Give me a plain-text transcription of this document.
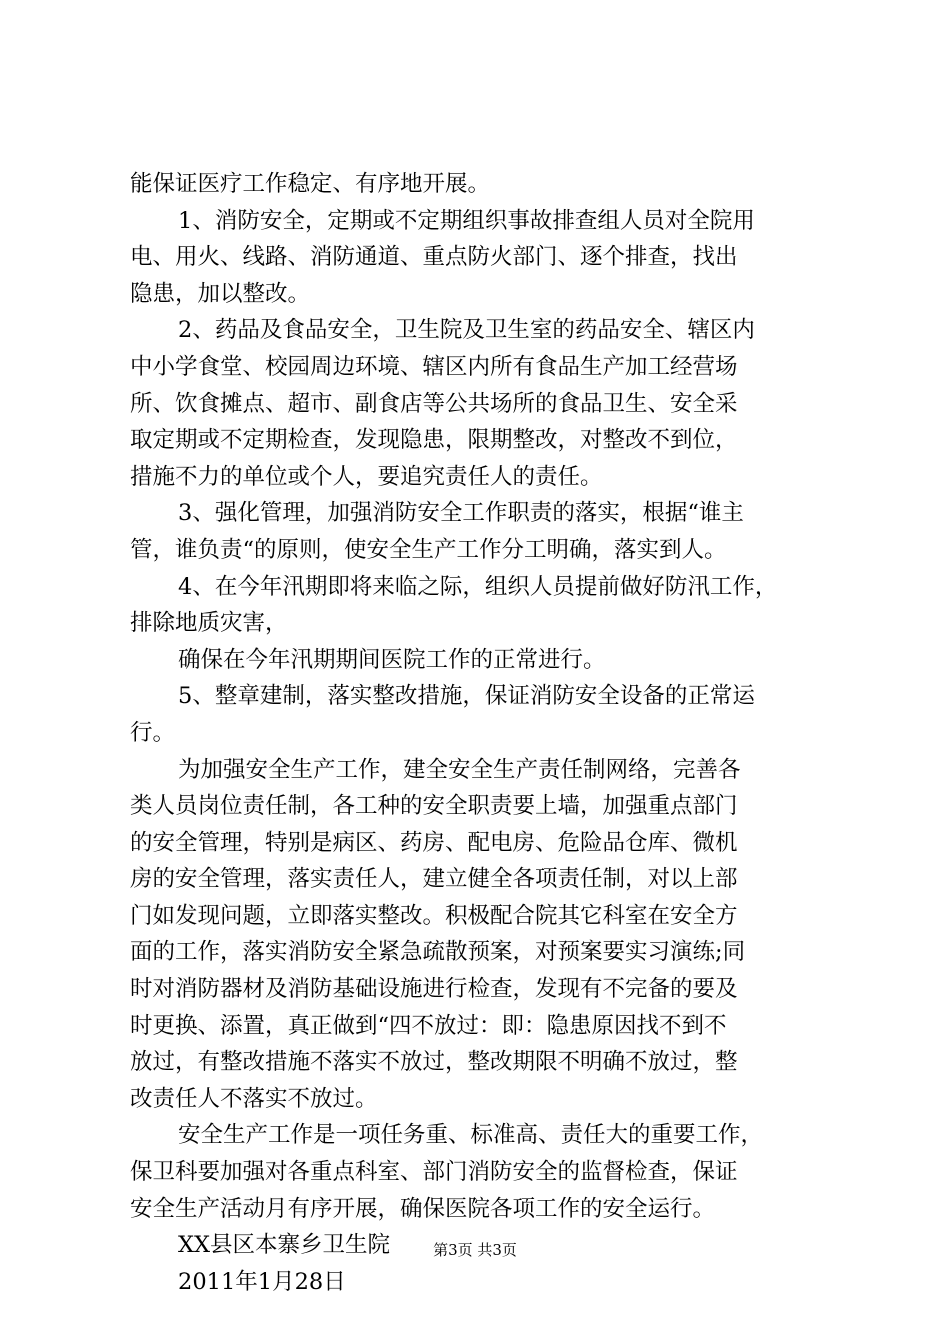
能保证医疗工作稳定、有序地开展。
1、消防安全，定期或不定期组织事故排查组人员对全院用
电、用火、线路、消防通道、重点防火部门、逐个排查，找出
隐患，加以整改。
2、药品及食品安全，卫生院及卫生室的药品安全、辖区内
中小学食堂、校园周边环境、辖区内所有食品生产加工经营场
所、饮食摊点、超市、副食店等公共场所的食品卫生、安全采
取定期或不定期检查，发现隐患，限期整改，对整改不到位，
措施不力的单位或个人，要追究责任人的责任。
3、强化管理，加强消防安全工作职责的落实，根据“谁主
管，谁负责“的原则，使安全生产工作分工明确，落实到人。
4、在今年汛期即将来临之际，组织人员提前做好防汛工作，
排除地质灾害，
确保在今年汛期期间医院工作的正常进行。
5、整章建制，落实整改措施，保证消防安全设备的正常运
行。
为加强安全生产工作，建全安全生产责任制网络，完善各
类人员岗位责任制，各工种的安全职责要上墙，加强重点部门
的安全管理，特别是病区、药房、配电房、危险品仓库、微机
房的安全管理，落实责任人，建立健全各项责任制，对以上部
门如发现问题，立即落实整改。积极配合院其它科室在安全方
面的工作，落实消防安全紧急疏散预案，对预案要实习演练;同
时对消防器材及消防基础设施进行检查，发现有不完备的要及
时更换、添置，真正做到“四不放过：即：隐患原因找不到不
放过，有整改措施不落实不放过，整改期限不明确不放过，整
改责任人不落实不放过。
安全生产工作是一项任务重、标准高、责任大的重要工作，
保卫科要加强对各重点科室、部门消防安全的监督检查，保证
安全生产活动月有序开展，确保医院各项工作的安全运行。
XX县区本寨乡卫生院
2011年1月28日
第3页 共3页
